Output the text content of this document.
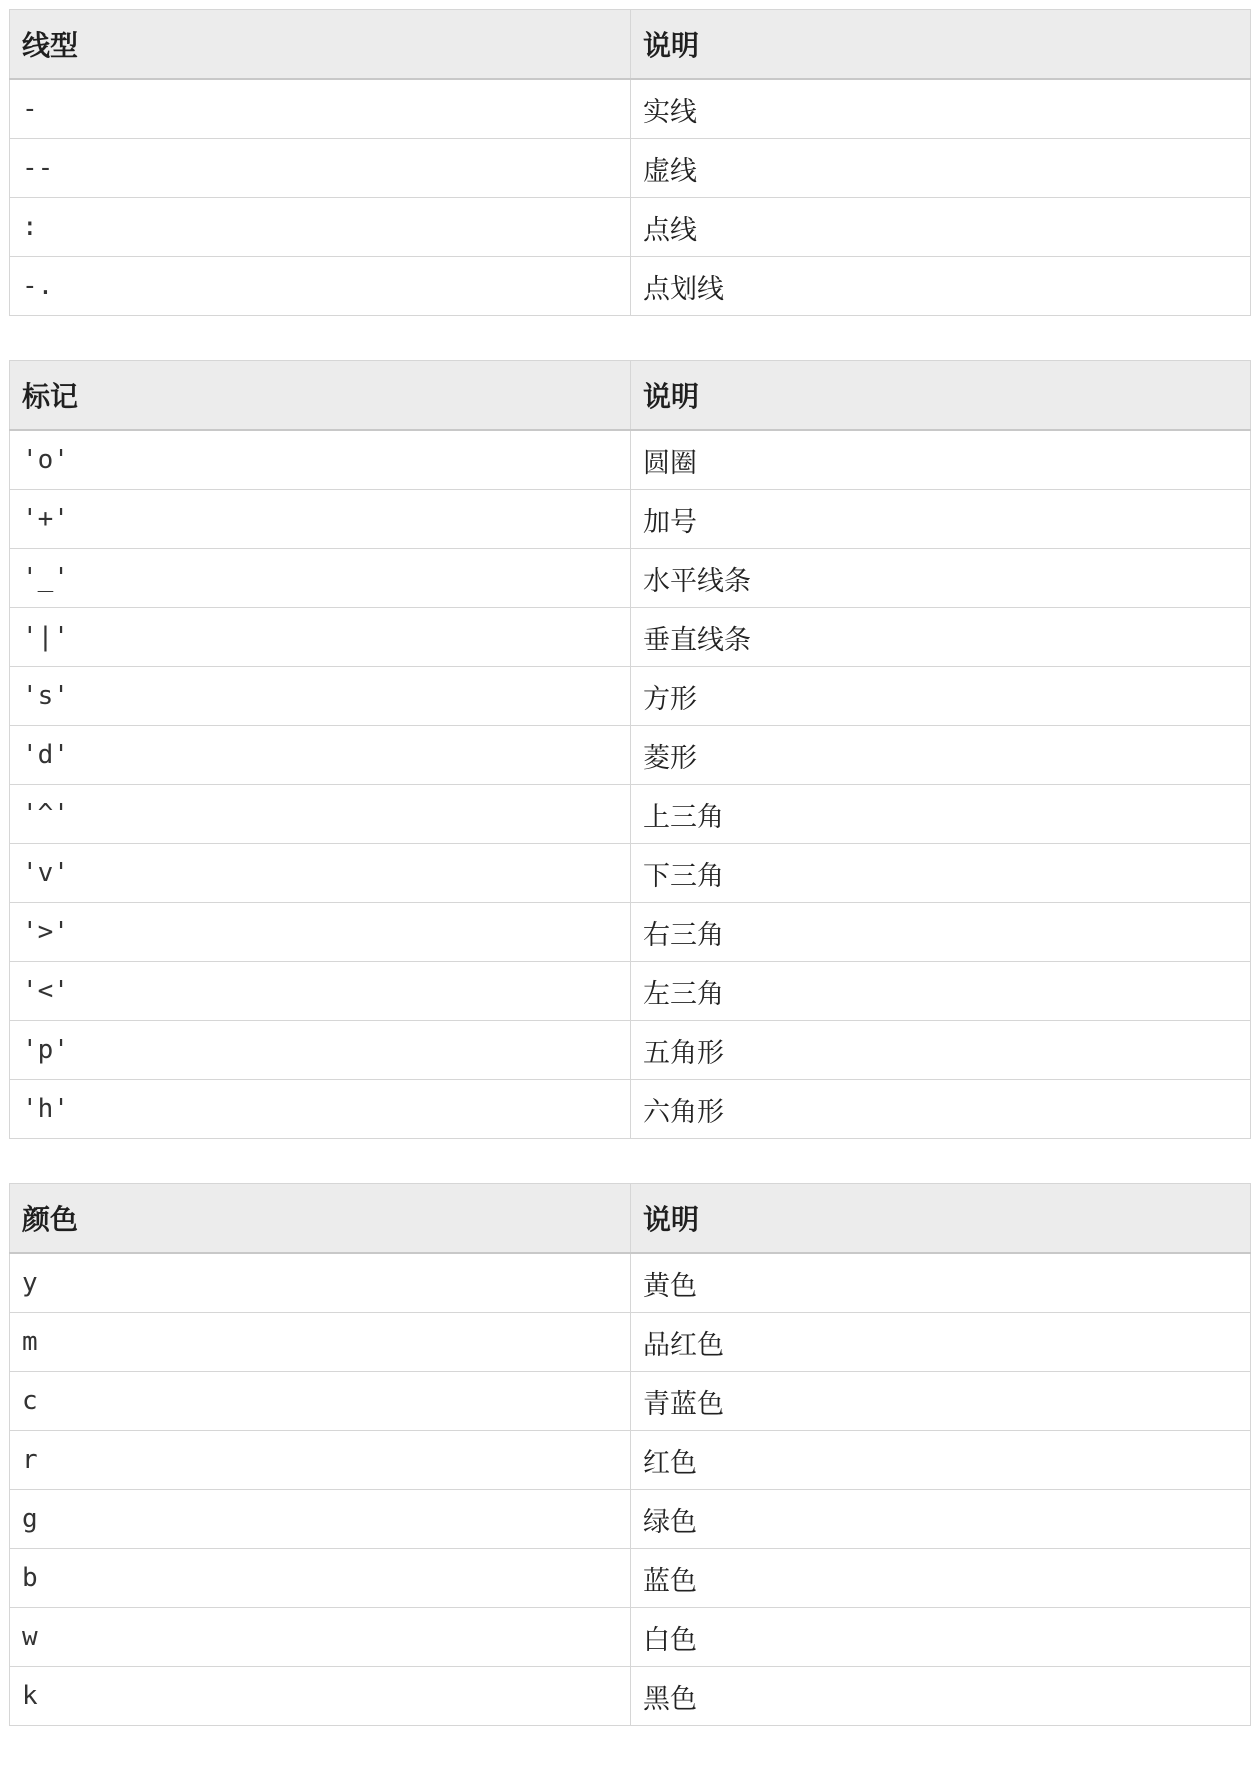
线型	说明
-	实线
--	虚线
:	点线
-.	点划线
标记	说明
'o'	圆圈
'+'	加号
'_'	水平线条
'|'	垂直线条
's'	方形
'd'	菱形
'^'	上三角
'v'	下三角
'>'	右三角
'<'	左三角
'p'	五角形
'h'	六角形
颜色	说明
y	黄色
m	品红色
c	青蓝色
r	红色
g	绿色
b	蓝色
w	白色
k	黑色
